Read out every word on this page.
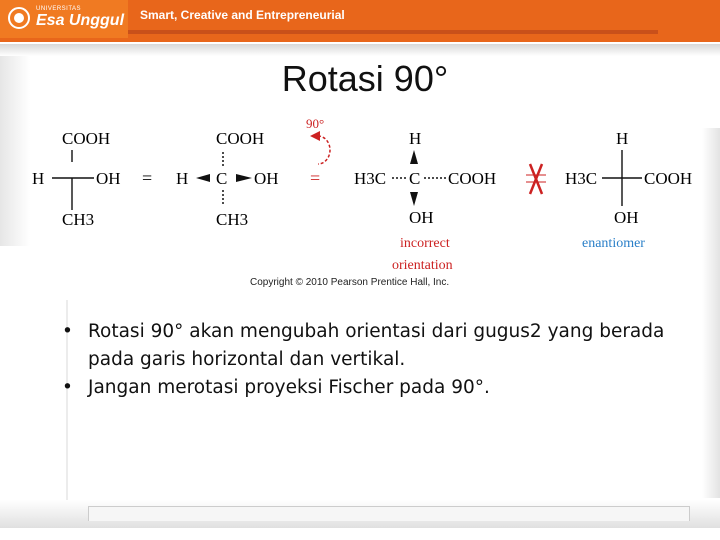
UNIVERSITAS
Esa Unggul Smart, Creative and Entrepreneurial
Rotasi 90°
COOH
H	OH
CH3
=
COOH
H C OH
CH3
90°
=
H
H3C C COOH
OH
incorrect
orientation
H
H3C	COOH
OH
enantiomer
Copyright © 2010 Pearson Prentice Hall, Inc.
• Rotasi 90° akan mengubah orientasi dari gugus2 yang berada pada garis horizontal dan vertikal.
• Jangan merotasi proyeksi Fischer pada 90°.
